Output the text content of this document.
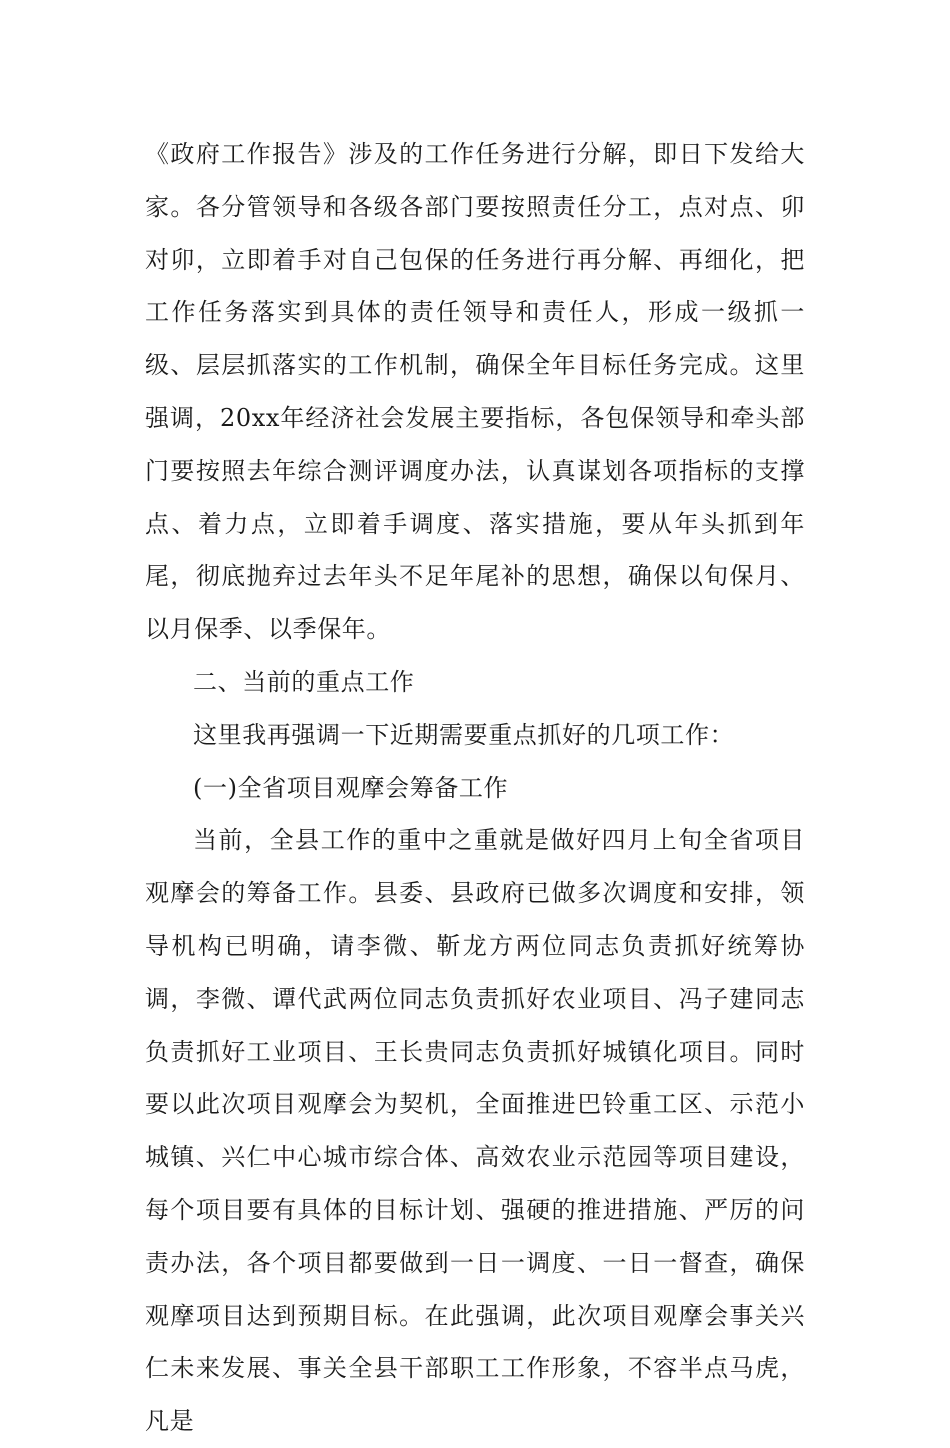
《政府工作报告》涉及的工作任务进行分解，即日下发给大家。各分管领导和各级各部门要按照责任分工，点对点、卯对卯，立即着手对自己包保的任务进行再分解、再细化，把工作任务落实到具体的责任领导和责任人，形成一级抓一级、层层抓落实的工作机制，确保全年目标任务完成。这里强调，20xx年经济社会发展主要指标，各包保领导和牵头部门要按照去年综合测评调度办法，认真谋划各项指标的支撑点、着力点，立即着手调度、落实措施，要从年头抓到年尾，彻底抛弃过去年头不足年尾补的思想，确保以旬保月、以月保季、以季保年。

二、当前的重点工作

这里我再强调一下近期需要重点抓好的几项工作：

(一)全省项目观摩会筹备工作

当前，全县工作的重中之重就是做好四月上旬全省项目观摩会的筹备工作。县委、县政府已做多次调度和安排，领导机构已明确，请李微、靳龙方两位同志负责抓好统筹协调，李微、谭代武两位同志负责抓好农业项目、冯子建同志负责抓好工业项目、王长贵同志负责抓好城镇化项目。同时要以此次项目观摩会为契机，全面推进巴铃重工区、示范小城镇、兴仁中心城市综合体、高效农业示范园等项目建设，每个项目要有具体的目标计划、强硬的推进措施、严厉的问责办法，各个项目都要做到一日一调度、一日一督查，确保观摩项目达到预期目标。在此强调，此次项目观摩会事关兴仁未来发展、事关全县干部职工工作形象，不容半点马虎，凡是
